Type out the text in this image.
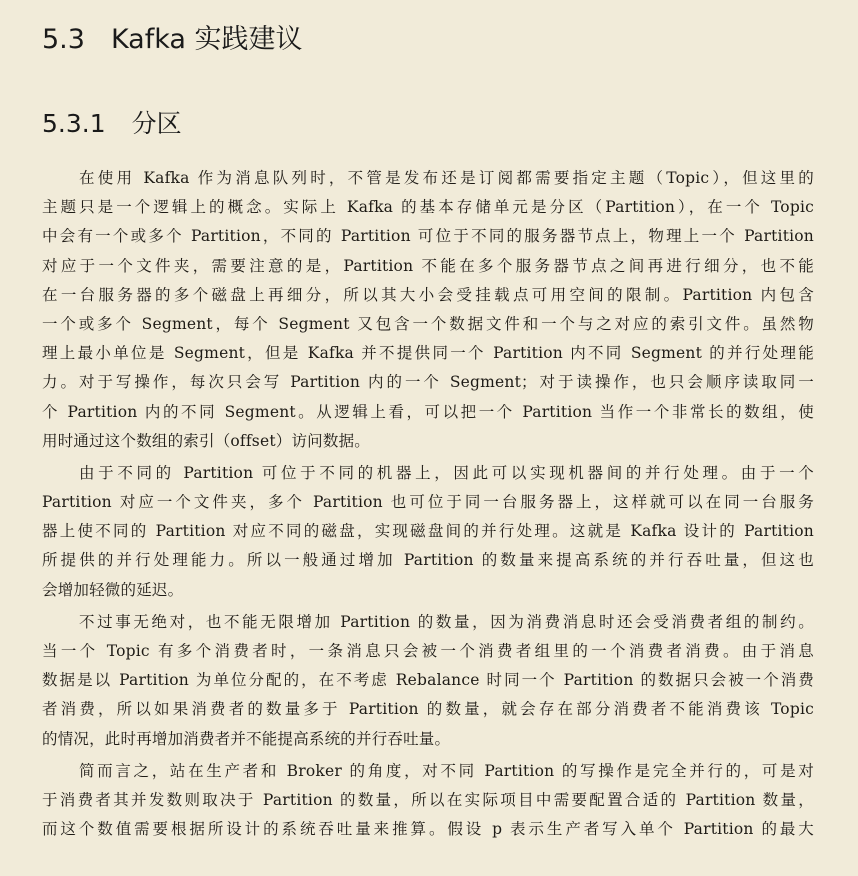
5.3 Kafka 实践建议
5.3.1 分区
在使用 Kafka 作为消息队列时，不管是发布还是订阅都需要指定主题（Topic），但这里的
主题只是一个逻辑上的概念。实际上 Kafka 的基本存储单元是分区（Partition），在一个 Topic
中会有一个或多个 Partition，不同的 Partition 可位于不同的服务器节点上，物理上一个 Partition
对应于一个文件夹，需要注意的是，Partition 不能在多个服务器节点之间再进行细分，也不能
在一台服务器的多个磁盘上再细分，所以其大小会受挂载点可用空间的限制。Partition 内包含
一个或多个 Segment，每个 Segment 又包含一个数据文件和一个与之对应的索引文件。虽然物
理上最小单位是 Segment，但是 Kafka 并不提供同一个 Partition 内不同 Segment 的并行处理能
力。对于写操作，每次只会写 Partition 内的一个 Segment；对于读操作，也只会顺序读取同一
个 Partition 内的不同 Segment。从逻辑上看，可以把一个 Partition 当作一个非常长的数组，使
用时通过这个数组的索引（offset）访问数据。
由于不同的 Partition 可位于不同的机器上，因此可以实现机器间的并行处理。由于一个
Partition 对应一个文件夹，多个 Partition 也可位于同一台服务器上，这样就可以在同一台服务
器上使不同的 Partition 对应不同的磁盘，实现磁盘间的并行处理。这就是 Kafka 设计的 Partition
所提供的并行处理能力。所以一般通过增加 Partition 的数量来提高系统的并行吞吐量，但这也
会增加轻微的延迟。
不过事无绝对，也不能无限增加 Partition 的数量，因为消费消息时还会受消费者组的制约。
当一个 Topic 有多个消费者时，一条消息只会被一个消费者组里的一个消费者消费。由于消息
数据是以 Partition 为单位分配的，在不考虑 Rebalance 时同一个 Partition 的数据只会被一个消费
者消费，所以如果消费者的数量多于 Partition 的数量，就会存在部分消费者不能消费该 Topic
的情况，此时再增加消费者并不能提高系统的并行吞吐量。
简而言之，站在生产者和 Broker 的角度，对不同 Partition 的写操作是完全并行的，可是对
于消费者其并发数则取决于 Partition 的数量，所以在实际项目中需要配置合适的 Partition 数量，
而这个数值需要根据所设计的系统吞吐量来推算。假设 p 表示生产者写入单个 Partition 的最大
